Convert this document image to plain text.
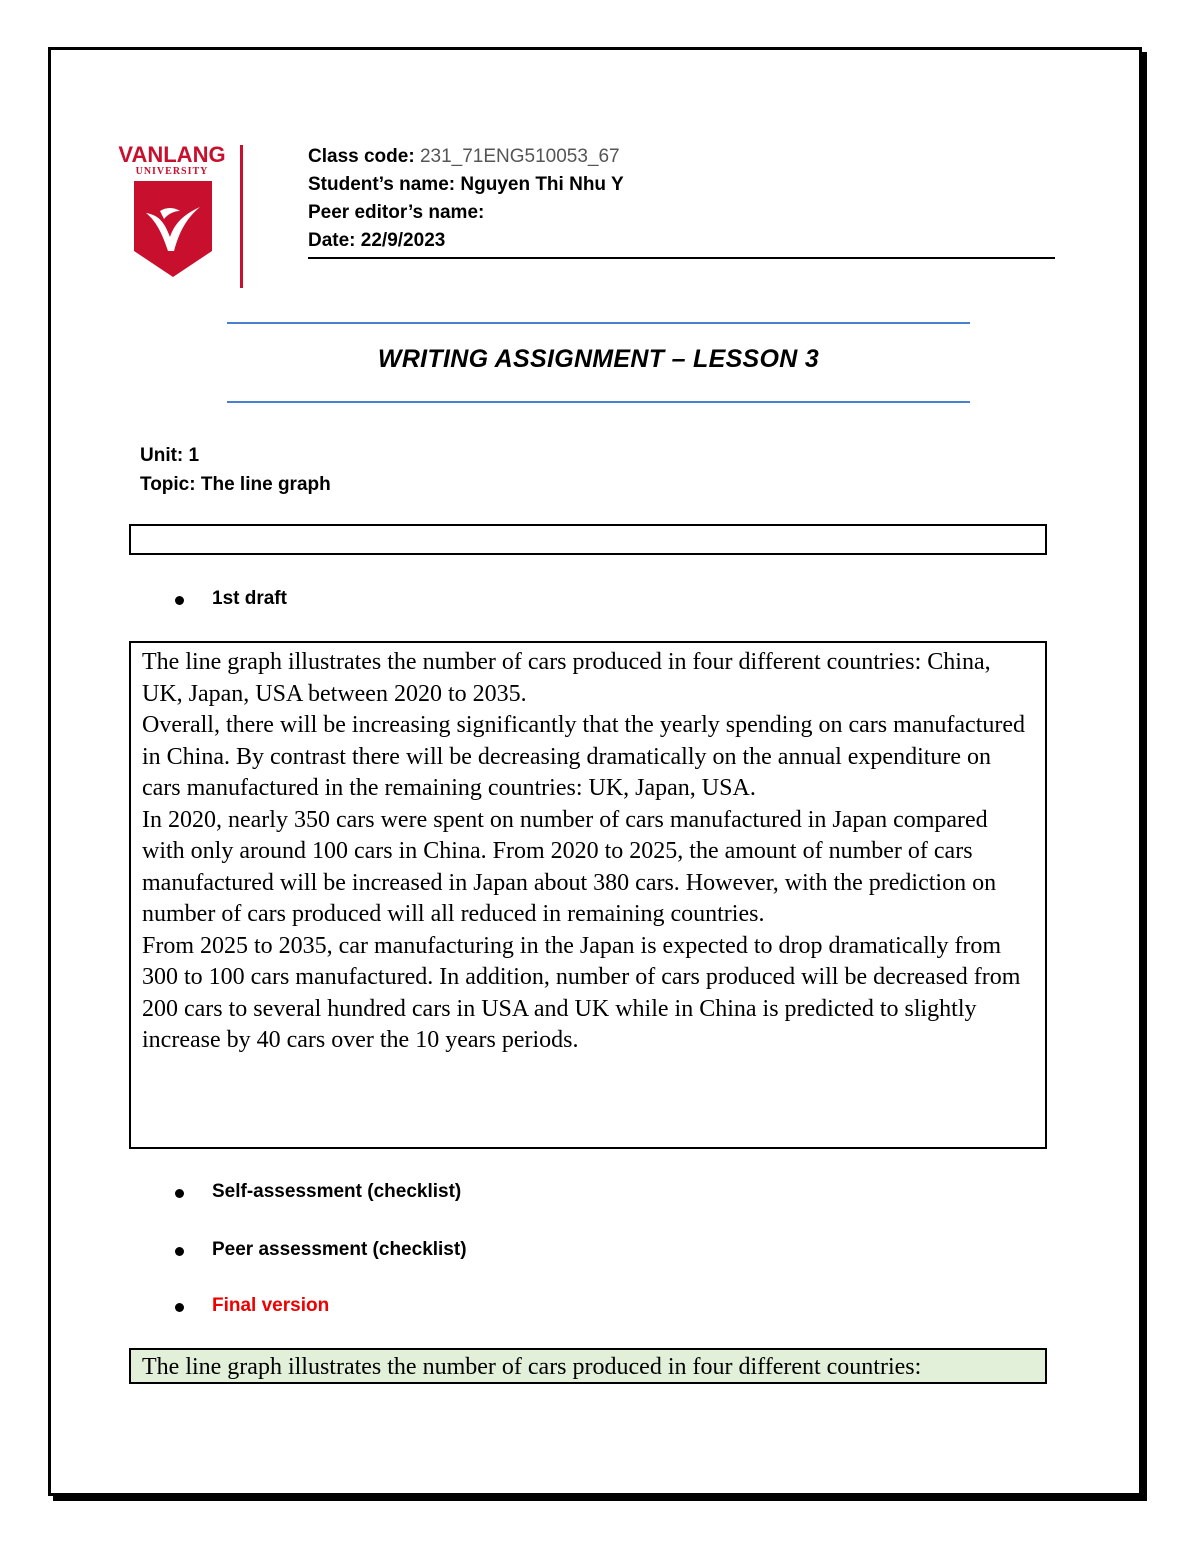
VANLANG
UNIVERSITY
Class code: 231_71ENG510053_67
Student’s name: Nguyen Thi Nhu Y
Peer editor’s name:
Date: 22/9/2023
WRITING ASSIGNMENT – LESSON 3
Unit: 1
Topic: The line graph
1st draft

The line graph illustrates the number of cars produced in four different countries: China, UK, Japan, USA between 2020 to 2035.

Overall, there will be increasing significantly that the yearly spending on cars manufactured in China. By contrast there will be decreasing dramatically on the annual expenditure on cars manufactured in the remaining countries: UK, Japan, USA.

In 2020, nearly 350 cars were spent on number of cars manufactured in Japan compared with only around 100 cars in China. From 2020 to 2025, the amount of number of cars manufactured will be increased in Japan about 380 cars. However, with the prediction on number of cars produced will all reduced in remaining countries.

From 2025 to 2035, car manufacturing in the Japan is expected to drop dramatically from 300 to 100 cars manufactured. In addition, number of cars produced will be decreased from 200 cars to several hundred cars in USA and UK while in China is predicted to slightly increase by 40 cars over the 10 years periods.

Self-assessment (checklist)
Peer assessment (checklist)
Final version
The line graph illustrates the number of cars produced in four different countries:
